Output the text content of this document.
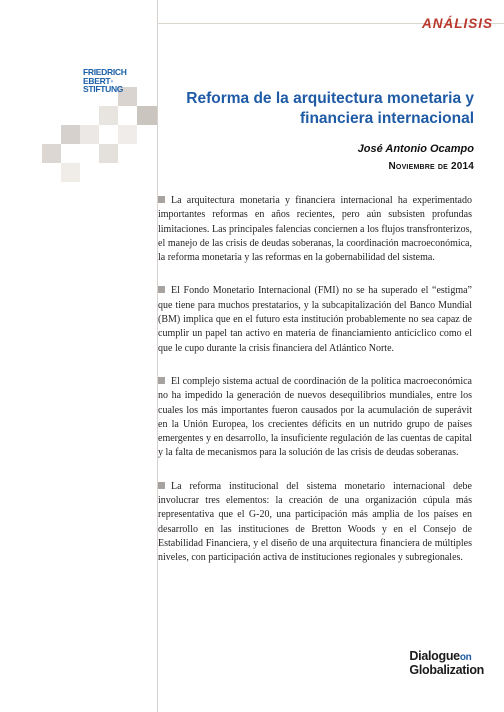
FRIEDRICH
EBERT•
STIFTUNG
ANÁLISIS
Reforma de la arquitectura monetaria y financiera internacional
José Antonio Ocampo
Noviembre de 2014

La arquitectura monetaria y financiera internacional ha experimentado importantes reformas en años recientes, pero aún subsisten profundas limitaciones. Las principales falencias conciernen a los flujos transfronterizos, el manejo de las crisis de deudas soberanas, la coordinación macroeconómica, la reforma monetaria y las reformas en la gobernabilidad del sistema.

El Fondo Monetario Internacional (FMI) no se ha superado el “estigma” que tiene para muchos prestatarios, y la subcapitalización del Banco Mundial (BM) implica que en el futuro esta institución probablemente no sea capaz de cumplir un papel tan activo en materia de financiamiento anticíclico como el que le cupo durante la crisis financiera del Atlántico Norte.

El complejo sistema actual de coordinación de la política macroeconómica no ha impedido la generación de nuevos desequilibrios mundiales, entre los cuales los más importantes fueron causados por la acumulación de superávit en la Unión Europea, los crecientes déficits en un nutrido grupo de países emergentes y en desarrollo, la insuficiente regulación de las cuentas de capital y la falta de mecanismos para la solución de las crisis de deudas soberanas.

La reforma institucional del sistema monetario internacional debe involucrar tres elementos: la creación de una organización cúpula más representativa que el G-20, una participación más amplia de los países en desarrollo en las instituciones de Bretton Woods y en el Consejo de Estabilidad Financiera, y el diseño de una arquitectura financiera de múltiples niveles, con participación activa de instituciones regionales y subregionales.

Dialogueon
Globalization
